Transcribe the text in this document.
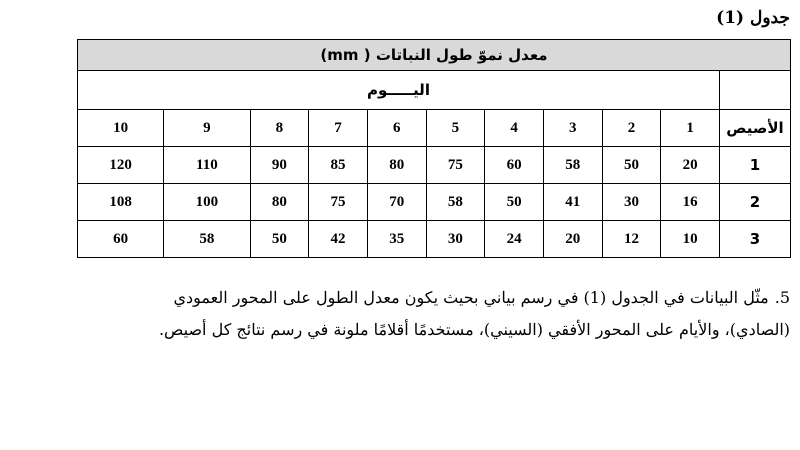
جدول (1)
معدل نموّ طول النباتات ( mm)										
	اليـــــوم									
الأصيص	1	2	3	4	5	6	7	8	9	10
1	20	50	58	60	75	80	85	90	110	120
2	16	30	41	50	58	70	75	80	100	108
3	10	12	20	24	30	35	42	50	58	60

5.مثّل البيانات في الجدول (1) في رسم بياني بحيث يكون معدل الطول على المحور العمودي

(الصادي)، والأيام على المحور الأفقي (السيني)، مستخدمًا أقلامًا ملونة في رسم نتائج كل أصيص.
